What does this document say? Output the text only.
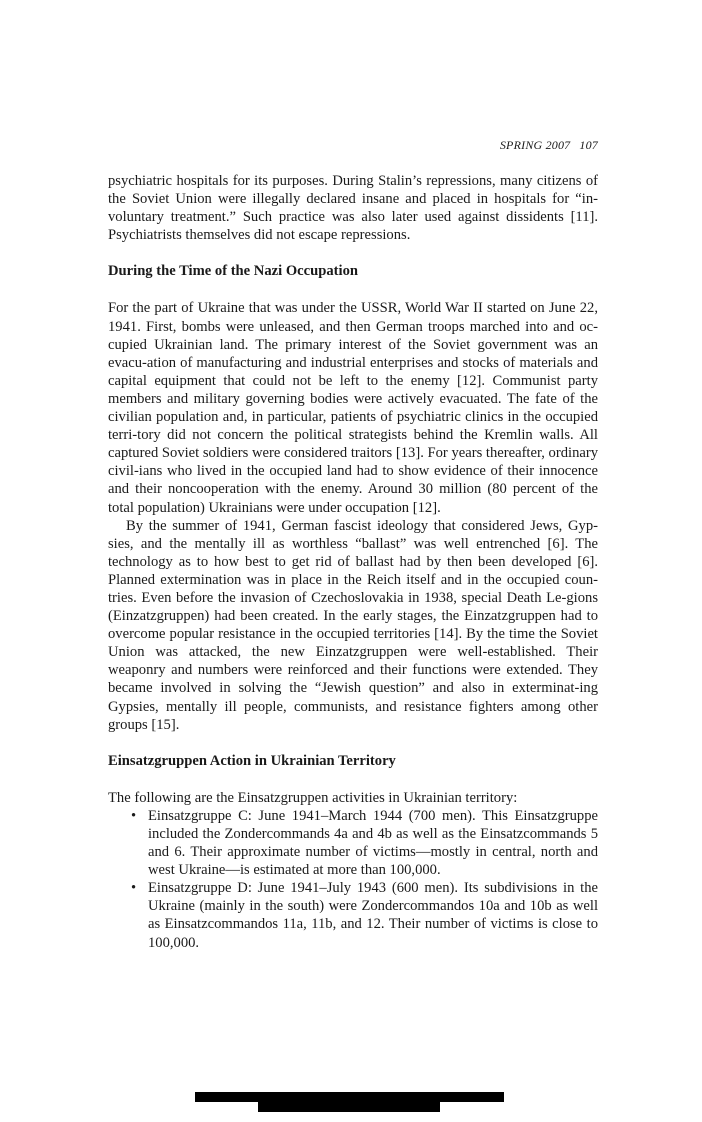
SPRING 2007 107

psychiatric hospitals for its purposes. During Stalin’s repressions, many citizens of the Soviet Union were illegally declared insane and placed in hospitals for “in-voluntary treatment.” Such practice was also later used against dissidents [11]. Psychiatrists themselves did not escape repressions.

During the Time of the Nazi Occupation

For the part of Ukraine that was under the USSR, World War II started on June 22, 1941. First, bombs were unleased, and then German troops marched into and oc-cupied Ukrainian land. The primary interest of the Soviet government was an evacu-ation of manufacturing and industrial enterprises and stocks of materials and capital equipment that could not be left to the enemy [12]. Communist party members and military governing bodies were actively evacuated. The fate of the civilian population and, in particular, patients of psychiatric clinics in the occupied terri-tory did not concern the political strategists behind the Kremlin walls. All captured Soviet soldiers were considered traitors [13]. For years thereafter, ordinary civil-ians who lived in the occupied land had to show evidence of their innocence and their noncooperation with the enemy. Around 30 million (80 percent of the total population) Ukrainians were under occupation [12].

By the summer of 1941, German fascist ideology that considered Jews, Gyp-sies, and the mentally ill as worthless “ballast” was well entrenched [6]. The technology as to how best to get rid of ballast had by then been developed [6]. Planned extermination was in place in the Reich itself and in the occupied coun-tries. Even before the invasion of Czechoslovakia in 1938, special Death Le-gions (Einzatzgruppen) had been created. In the early stages, the Einzatzgruppen had to overcome popular resistance in the occupied territories [14]. By the time the Soviet Union was attacked, the new Einzatzgruppen were well-established. Their weaponry and numbers were reinforced and their functions were extended. They became involved in solving the “Jewish question” and also in exterminat-ing Gypsies, mentally ill people, communists, and resistance fighters among other groups [15].

Einsatzgruppen Action in Ukrainian Territory

The following are the Einsatzgruppen activities in Ukrainian territory:

• Einsatzgruppe C: June 1941–March 1944 (700 men). This Einsatzgruppe included the Zondercommands 4a and 4b as well as the Einsatzcommands 5 and 6. Their approximate number of victims—mostly in central, north and west Ukraine—is estimated at more than 100,000.
• Einsatzgruppe D: June 1941–July 1943 (600 men). Its subdivisions in the Ukraine (mainly in the south) were Zondercommandos 10a and 10b as well as Einsatzcommandos 11a, 11b, and 12. Their number of victims is close to 100,000.
